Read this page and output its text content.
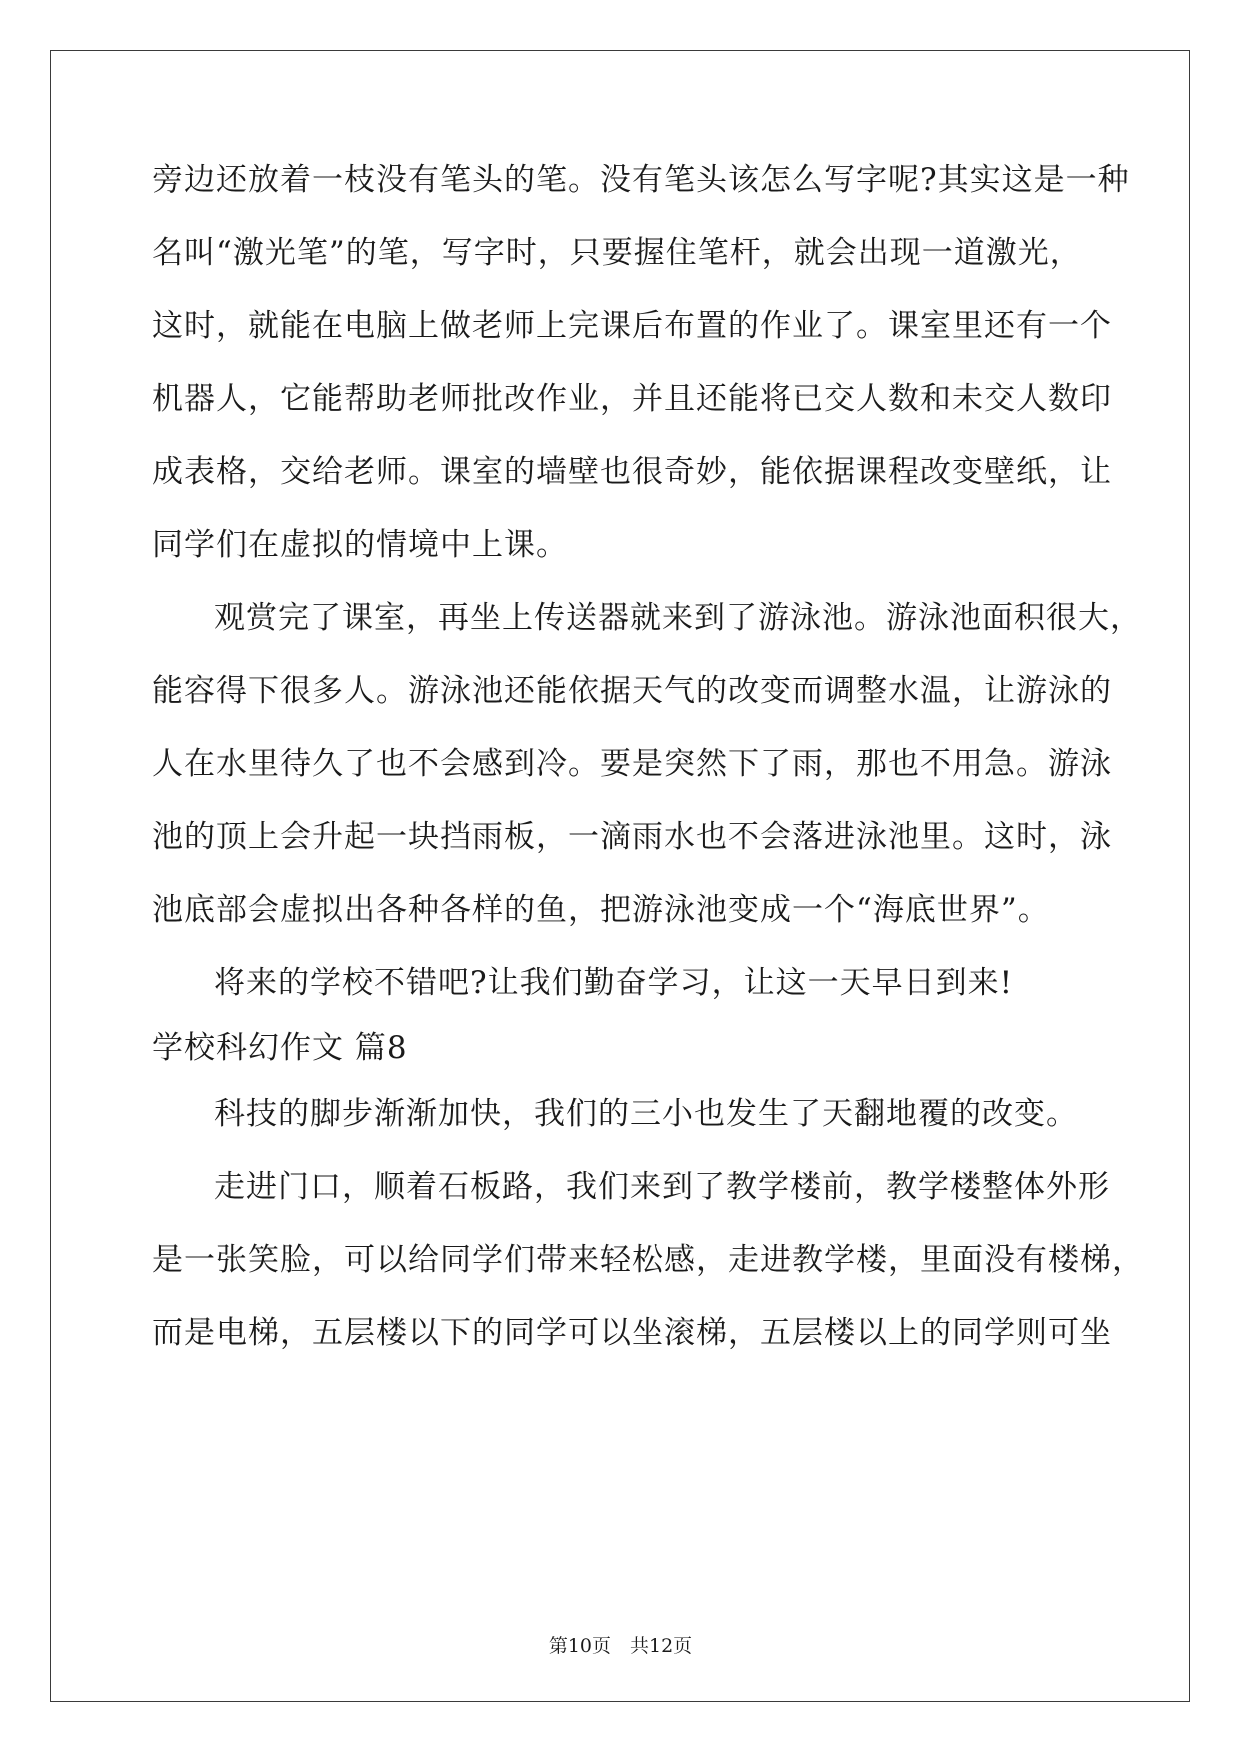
旁边还放着一枝没有笔头的笔。没有笔头该怎么写字呢?其实这是一种
名叫“激光笔”的笔，写字时，只要握住笔杆，就会出现一道激光，
这时，就能在电脑上做老师上完课后布置的作业了。课室里还有一个
机器人，它能帮助老师批改作业，并且还能将已交人数和未交人数印
成表格，交给老师。课室的墙壁也很奇妙，能依据课程改变壁纸，让
同学们在虚拟的情境中上课。
观赏完了课室，再坐上传送器就来到了游泳池。游泳池面积很大，
能容得下很多人。游泳池还能依据天气的改变而调整水温，让游泳的
人在水里待久了也不会感到冷。要是突然下了雨，那也不用急。游泳
池的顶上会升起一块挡雨板，一滴雨水也不会落进泳池里。这时，泳
池底部会虚拟出各种各样的鱼，把游泳池变成一个“海底世界”。
将来的学校不错吧?让我们勤奋学习，让这一天早日到来!
学校科幻作文 篇8
科技的脚步渐渐加快，我们的三小也发生了天翻地覆的改变。
走进门口，顺着石板路，我们来到了教学楼前，教学楼整体外形
是一张笑脸，可以给同学们带来轻松感，走进教学楼，里面没有楼梯，
而是电梯，五层楼以下的同学可以坐滚梯，五层楼以上的同学则可坐
第10页　共12页
